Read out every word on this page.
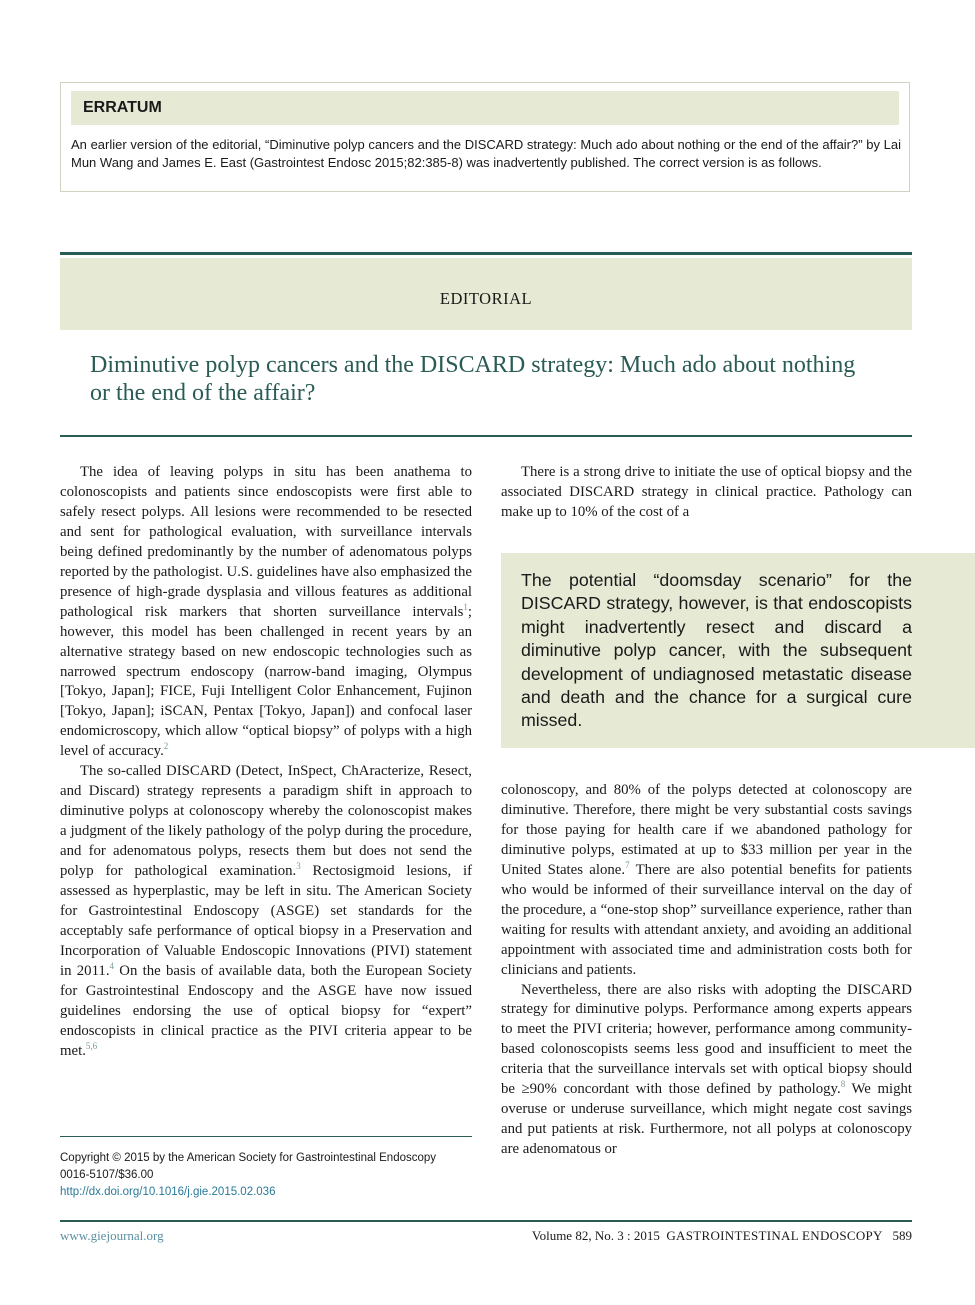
ERRATUM
An earlier version of the editorial, “Diminutive polyp cancers and the DISCARD strategy: Much ado about nothing or the end of the affair?” by Lai Mun Wang and James E. East (Gastrointest Endosc 2015;82:385-8) was inadvertently published. The correct version is as follows.
EDITORIAL
Diminutive polyp cancers and the DISCARD strategy: Much ado about nothing or the end of the affair?

The idea of leaving polyps in situ has been anathema to colonoscopists and patients since endoscopists were first able to safely resect polyps. All lesions were recommended to be resected and sent for pathological evaluation, with surveillance intervals being defined predominantly by the number of adenomatous polyps reported by the pathologist. U.S. guidelines have also emphasized the presence of high-grade dysplasia and villous features as additional pathological risk markers that shorten surveillance intervals$^1$; however, this model has been challenged in recent years by an alternative strategy based on new endoscopic technologies such as narrowed spectrum endoscopy (narrow-band imaging, Olympus [Tokyo, Japan]; FICE, Fuji Intelligent Color Enhancement, Fujinon [Tokyo, Japan]; iSCAN, Pentax [Tokyo, Japan]) and confocal laser endomicroscopy, which allow “optical biopsy” of polyps with a high level of accuracy.$^2$

The so-called DISCARD (Detect, InSpect, ChAracterize, Resect, and Discard) strategy represents a paradigm shift in approach to diminutive polyps at colonoscopy whereby the colonoscopist makes a judgment of the likely pathology of the polyp during the procedure, and for adenomatous polyps, resects them but does not send the polyp for pathological examination.$^3$ Rectosigmoid lesions, if assessed as hyperplastic, may be left in situ. The American Society for Gastrointestinal Endoscopy (ASGE) set standards for the acceptably safe performance of optical biopsy in a Preservation and Incorporation of Valuable Endoscopic Innovations (PIVI) statement in 2011.$^4$ On the basis of available data, both the European Society for Gastrointestinal Endoscopy and the ASGE have now issued guidelines endorsing the use of optical biopsy for “expert” endoscopists in clinical practice as the PIVI criteria appear to be met.$^{5,6}$

There is a strong drive to initiate the use of optical biopsy and the associated DISCARD strategy in clinical practice. Pathology can make up to 10% of the cost of a

The potential “doomsday scenario” for the DISCARD strategy, however, is that endoscopists might inadvertently resect and discard a diminutive polyp cancer, with the subsequent development of undiagnosed metastatic disease and death and the chance for a surgical cure missed.

colonoscopy, and 80% of the polyps detected at colonoscopy are diminutive. Therefore, there might be very substantial costs savings for those paying for health care if we abandoned pathology for diminutive polyps, estimated at up to $33 million per year in the United States alone.$^7$ There are also potential benefits for patients who would be informed of their surveillance interval on the day of the procedure, a “one-stop shop” surveillance experience, rather than waiting for results with attendant anxiety, and avoiding an additional appointment with associated time and administration costs both for clinicians and patients.

Nevertheless, there are also risks with adopting the DISCARD strategy for diminutive polyps. Performance among experts appears to meet the PIVI criteria; however, performance among community-based colonoscopists seems less good and insufficient to meet the criteria that the surveillance intervals set with optical biopsy should be ≥90% concordant with those defined by pathology.$^8$ We might overuse or underuse surveillance, which might negate cost savings and put patients at risk. Furthermore, not all polyps at colonoscopy are adenomatous or

Copyright © 2015 by the American Society for Gastrointestinal Endoscopy
0016-5107/$36.00
http://dx.doi.org/10.1016/j.gie.2015.02.036
www.giejournal.org	Volume 82, No. 3 : 2015 GASTROINTESTINAL ENDOSCOPY 589
